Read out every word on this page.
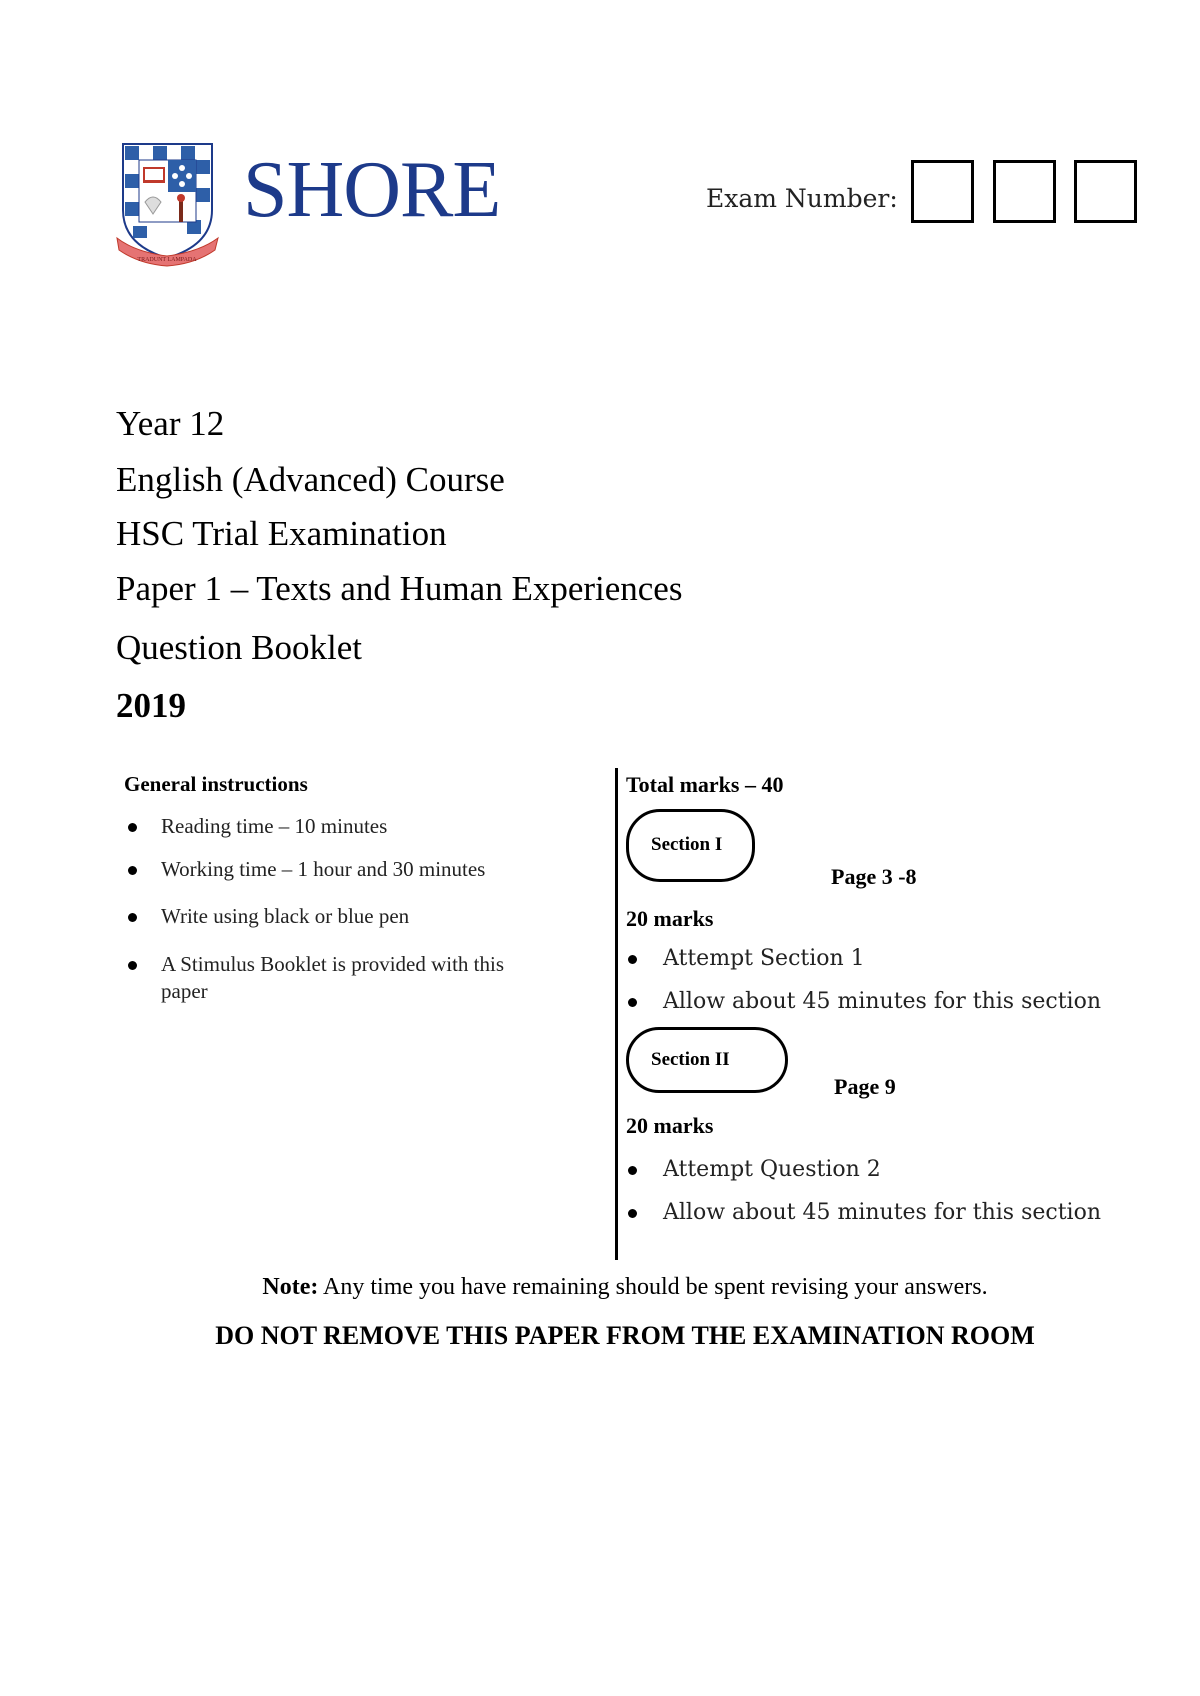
TRADUNT LAMPADA
SHORE	Exam Number:
Year 12
English (Advanced) Course
HSC Trial Examination
Paper 1 – Texts and Human Experiences
Question Booklet
2019
General instructions
Reading time – 10 minutes
Working time – 1 hour and 30 minutes
Write using black or blue pen
A Stimulus Booklet is provided with this
paper
Total marks – 40
Section I
Page 3 -8
20 marks
Attempt Section 1
Allow about 45 minutes for this section
Section II
Page 9
20 marks
Attempt Question 2
Allow about 45 minutes for this section
Note: Any time you have remaining should be spent revising your answers.
DO NOT REMOVE THIS PAPER FROM THE EXAMINATION ROOM
